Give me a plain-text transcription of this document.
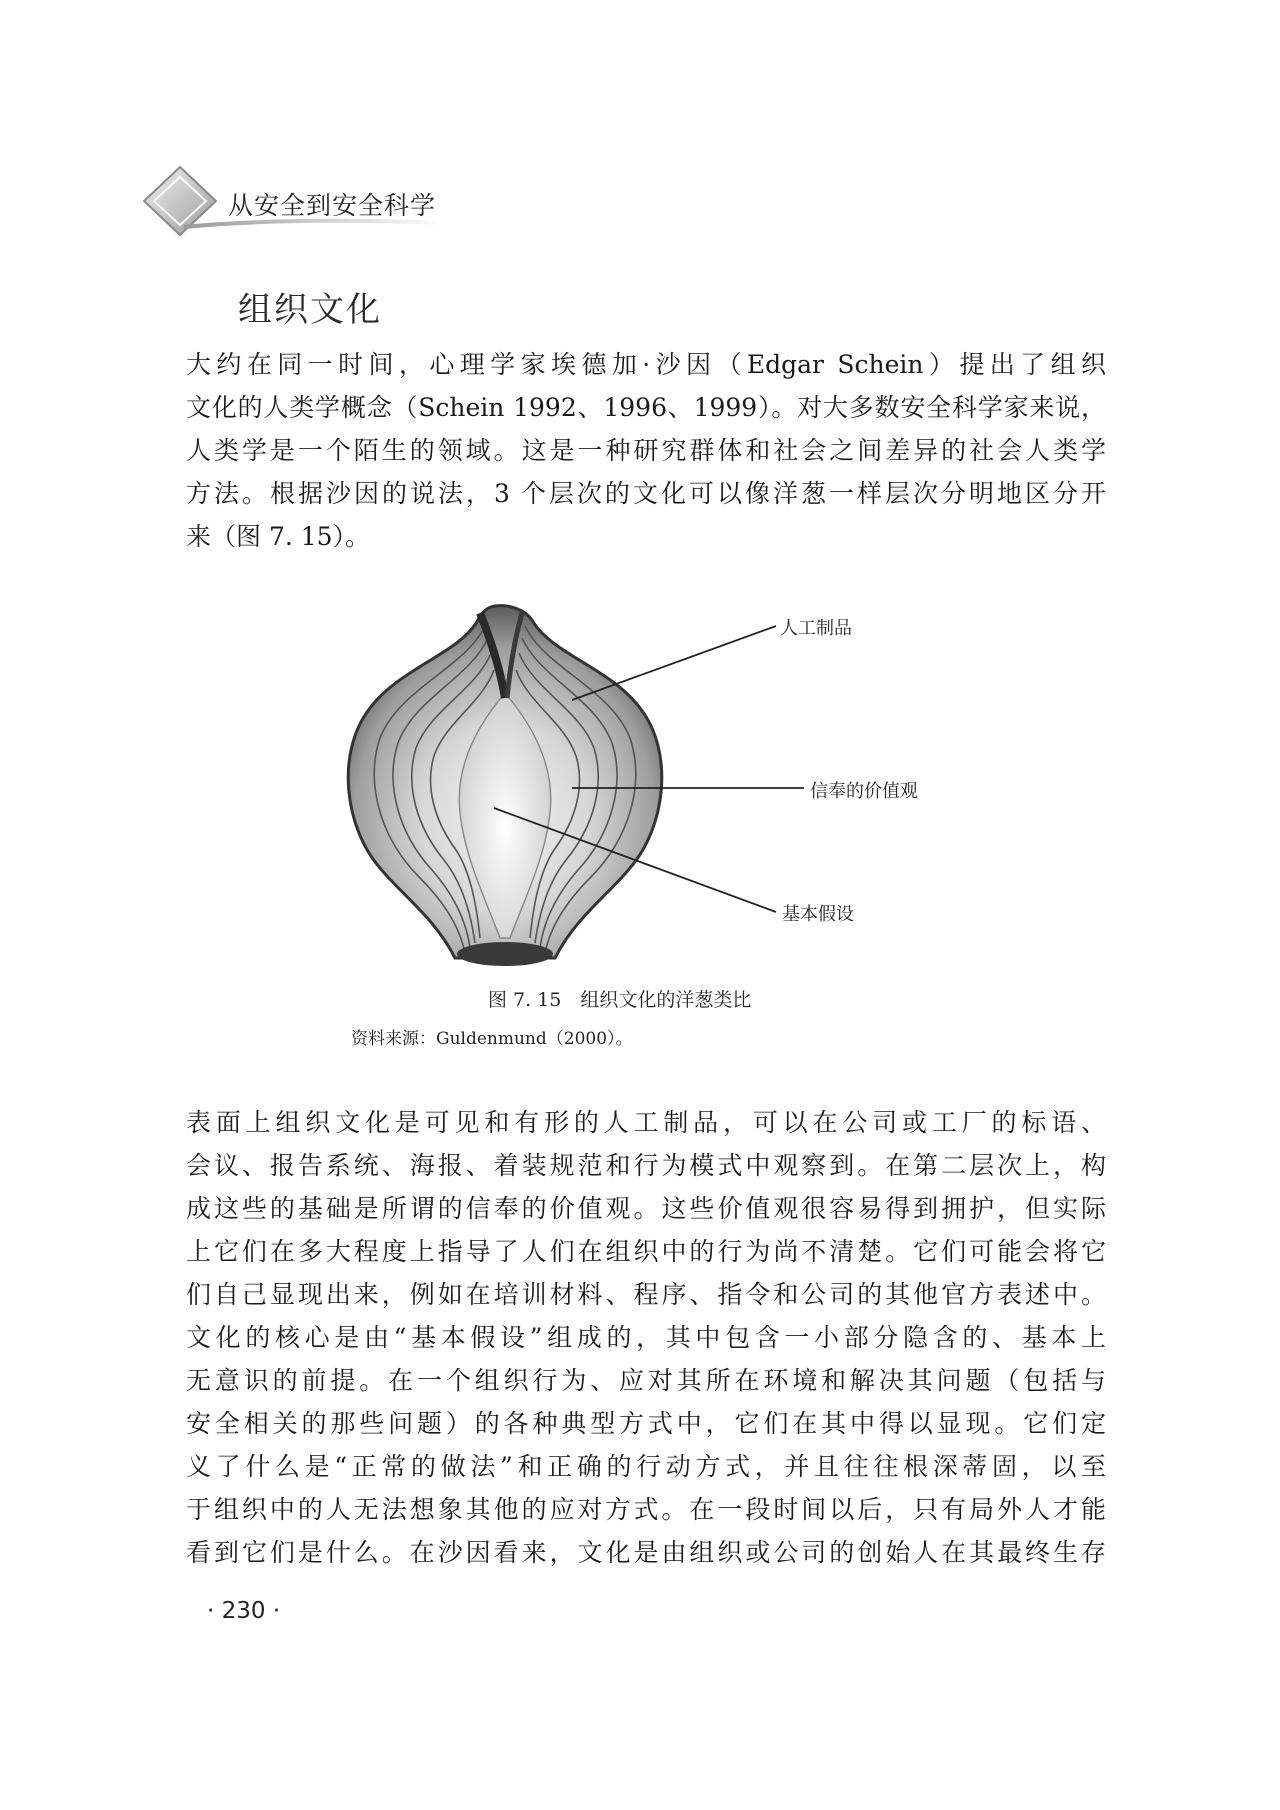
从安全到安全科学
组织文化

大约在同一时间，心理学家埃德加·沙因（Edgar Schein）提出了组织
文化的人类学概念（Schein 1992、1996、1999）。对大多数安全科学家来说，
人类学是一个陌生的领域。这是一种研究群体和社会之间差异的社会人类学
方法。根据沙因的说法，3 个层次的文化可以像洋葱一样层次分明地区分开
来（图 7. 15）。

人工制品
信奉的价值观
基本假设
图 7. 15　组织文化的洋葱类比
资料来源：Guldenmund（2000）。

表面上组织文化是可见和有形的人工制品，可以在公司或工厂的标语、
会议、报告系统、海报、着装规范和行为模式中观察到。在第二层次上，构
成这些的基础是所谓的信奉的价值观。这些价值观很容易得到拥护，但实际
上它们在多大程度上指导了人们在组织中的行为尚不清楚。它们可能会将它
们自己显现出来，例如在培训材料、程序、指令和公司的其他官方表述中。
文化的核心是由“基本假设”组成的，其中包含一小部分隐含的、基本上
无意识的前提。在一个组织行为、应对其所在环境和解决其问题（包括与
安全相关的那些问题）的各种典型方式中，它们在其中得以显现。它们定
义了什么是“正常的做法”和正确的行动方式，并且往往根深蒂固，以至
于组织中的人无法想象其他的应对方式。在一段时间以后，只有局外人才能
看到它们是什么。在沙因看来，文化是由组织或公司的创始人在其最终生存

· 230 ·
